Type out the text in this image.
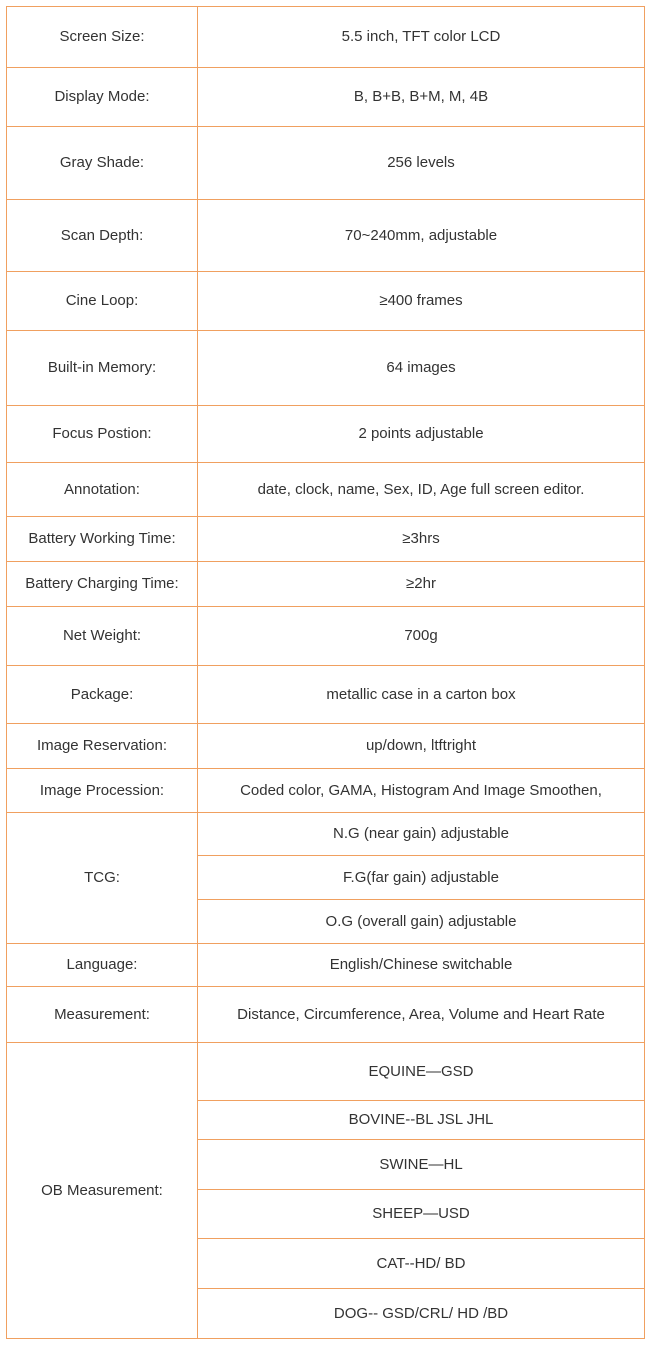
Screen Size:	5.5 inch, TFT color LCD
Display Mode:	B, B+B, B+M, M, 4B
Gray Shade:	256 levels
Scan Depth:	70~240mm, adjustable
Cine Loop:	≥400 frames
Built-in Memory:	64 images
Focus Postion:	2 points adjustable
Annotation:	date, clock, name, Sex, ID, Age full screen editor.
Battery Working Time:	≥3hrs
Battery Charging Time:	≥2hr
Net Weight:	700g
Package:	metallic case in a carton box
Image Reservation:	up/down, ltftright
Image Procession:	Coded color, GAMA, Histogram And Image Smoothen,
TCG:	N.G (near gain) adjustable
	F.G(far gain) adjustable
	O.G (overall gain) adjustable
Language:	English/Chinese switchable
Measurement:	Distance, Circumference, Area, Volume and Heart Rate
OB Measurement:	EQUINE—GSD
	BOVINE--BL JSL JHL
	SWINE—HL
	SHEEP—USD
	CAT--HD/ BD
	DOG-- GSD/CRL/ HD /BD
